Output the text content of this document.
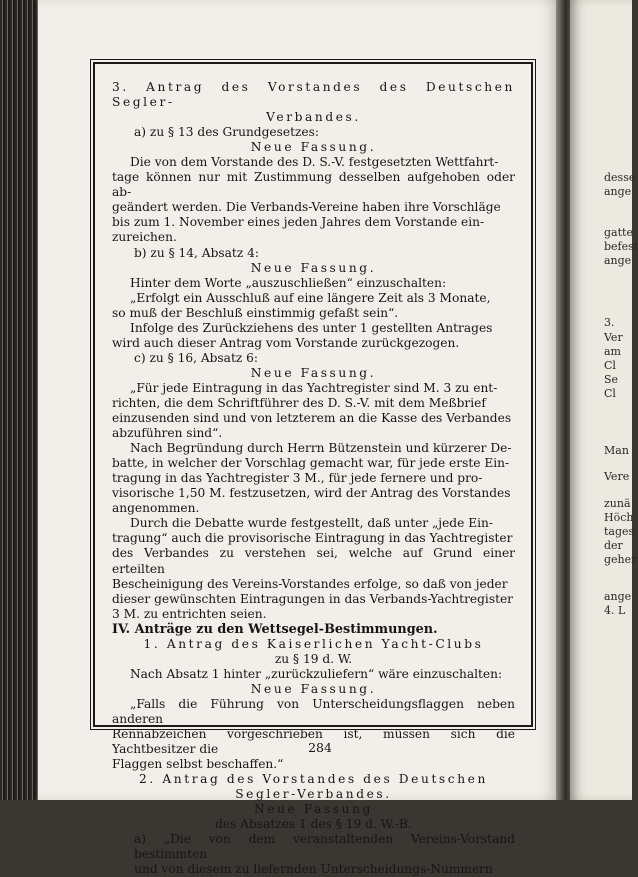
3. Antrag des Vorstandes des Deutschen Segler-

Verbandes.

a) zu § 13 des Grundgesetzes:

Neue Fassung.

Die von dem Vorstande des D. S.-V. festgesetzten Wettfahrt-

tage können nur mit Zustimmung desselben aufgehoben oder ab-

geändert werden. Die Verbands-Vereine haben ihre Vorschläge

bis zum 1. November eines jeden Jahres dem Vorstande ein-

zureichen.

b) zu § 14, Absatz 4:

Neue Fassung.

Hinter dem Worte „auszuschließen“ einzuschalten:

„Erfolgt ein Ausschluß auf eine längere Zeit als 3 Monate,

so muß der Beschluß einstimmig gefaßt sein“.

Infolge des Zurückziehens des unter 1 gestellten Antrages

wird auch dieser Antrag vom Vorstande zurückgezogen.

c) zu § 16, Absatz 6:

Neue Fassung.

„Für jede Eintragung in das Yachtregister sind M. 3 zu ent-

richten, die dem Schriftführer des D. S.-V. mit dem Meßbrief

einzusenden sind und von letzterem an die Kasse des Verbandes

abzuführen sind“.

Nach Begründung durch Herrn Bützenstein und kürzerer De-

batte, in welcher der Vorschlag gemacht war, für jede erste Ein-

tragung in das Yachtregister 3 M., für jede fernere und pro-

visorische 1,50 M. festzusetzen, wird der Antrag des Vorstandes

angenommen.

Durch die Debatte wurde festgestellt, daß unter „jede Ein-

tragung“ auch die provisorische Eintragung in das Yachtregister

des Verbandes zu verstehen sei, welche auf Grund einer erteilten

Bescheinigung des Vereins-Vorstandes erfolge, so daß von jeder

dieser gewünschten Eintragungen in das Verbands-Yachtregister

3 M. zu entrichten seien.

IV. Anträge zu den Wettsegel-Bestimmungen.

1. Antrag des Kaiserlichen Yacht-Clubs

zu § 19 d. W.

Nach Absatz 1 hinter „zurückzuliefern“ wäre einzuschalten:

Neue Fassung.

„Falls die Führung von Unterscheidungsflaggen neben anderen

Rennabzeichen vorgeschrieben ist, müssen sich die Yachtbesitzer die

Flaggen selbst beschaffen.“

2. Antrag des Vorstandes des Deutschen

Segler-Verbandes.

Neue Fassung

des Absatzes 1 des § 19 d. W.-B.

a) „Die von dem veranstaltenden Vereins-Vorstand bestimmten

und von diesem zu liefernden Unterscheidungs-Nummern

284
desse
ange
gatte
befest
ange
3.
Ver
am
Cl
Se
Cl
Man
Vere
zunä
Höch
tages
der
geher
ange
4. L
